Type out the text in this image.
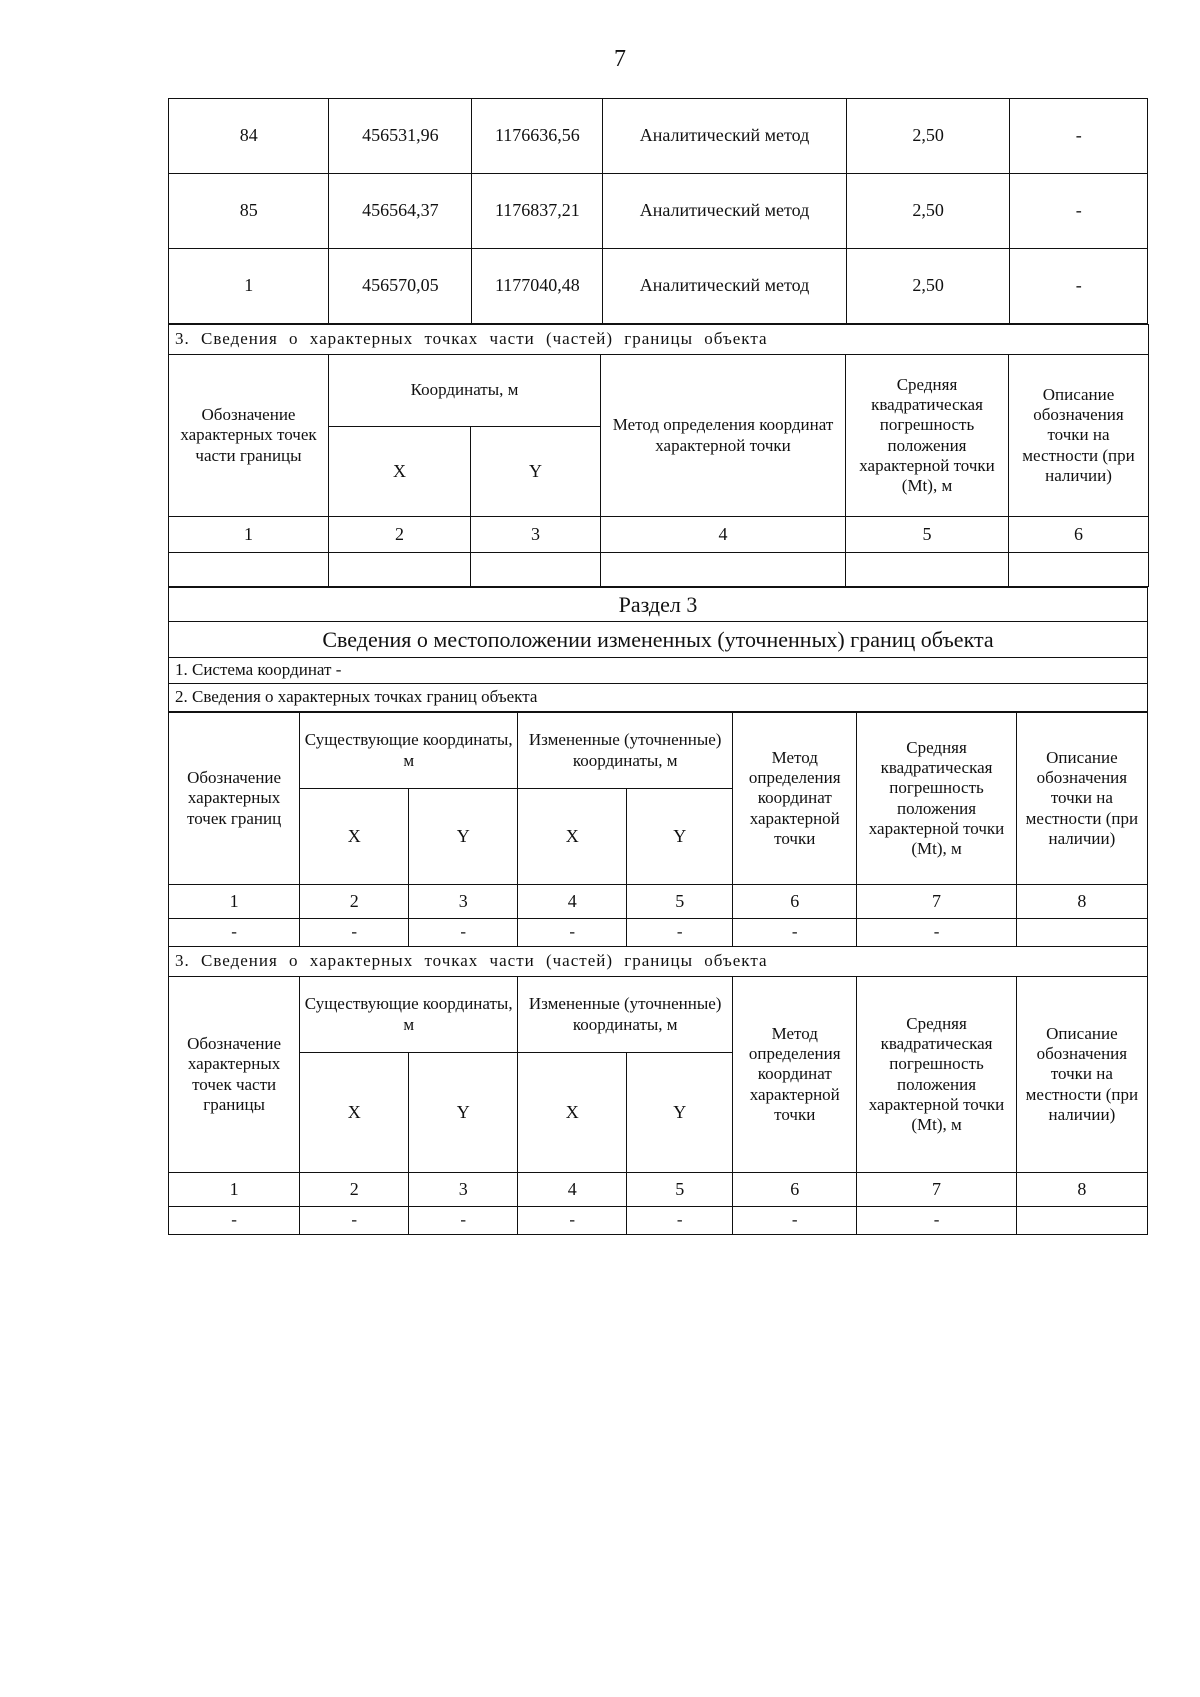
7
84	456531,96	1176636,56	Аналитический метод	2,50	-
85	456564,37	1176837,21	Аналитический метод	2,50	-
1	456570,05	1177040,48	Аналитический метод	2,50	-
3. Сведения о характерных точках части (частей) границы объекта					
Обозначение характерных точек части границы	Координаты, м		Метод определения координат характерной точки	Средняя квадратическая погрешность положения характерной точки (Mt), м	Описание обозначения точки на местности (при наличии)
	X	Y			
1	2	3	4	5	6

Раздел 3
Сведения о местоположении измененных (уточненных) границ объекта
1. Система координат -
2. Сведения о характерных точках границ объекта
Обозначение характерных точек границ	Существующие координаты, м		Измененные (уточненные) координаты, м		Метод определения координат характерной точки	Средняя квадратическая погрешность положения характерной точки (Mt), м	Описание обозначения точки на местности (при наличии)
	X	Y	X	Y			
1	2	3	4	5	6	7	8
-	-	-	-	-	-	-	
3. Сведения о характерных точках части (частей) границы объекта							
Обозначение характерных точек части границы	Существующие координаты, м		Измененные (уточненные) координаты, м		Метод определения координат характерной точки	Средняя квадратическая погрешность положения характерной точки (Mt), м	Описание обозначения точки на местности (при наличии)
	X	Y	X	Y			
1	2	3	4	5	6	7	8
-	-	-	-	-	-	-	
